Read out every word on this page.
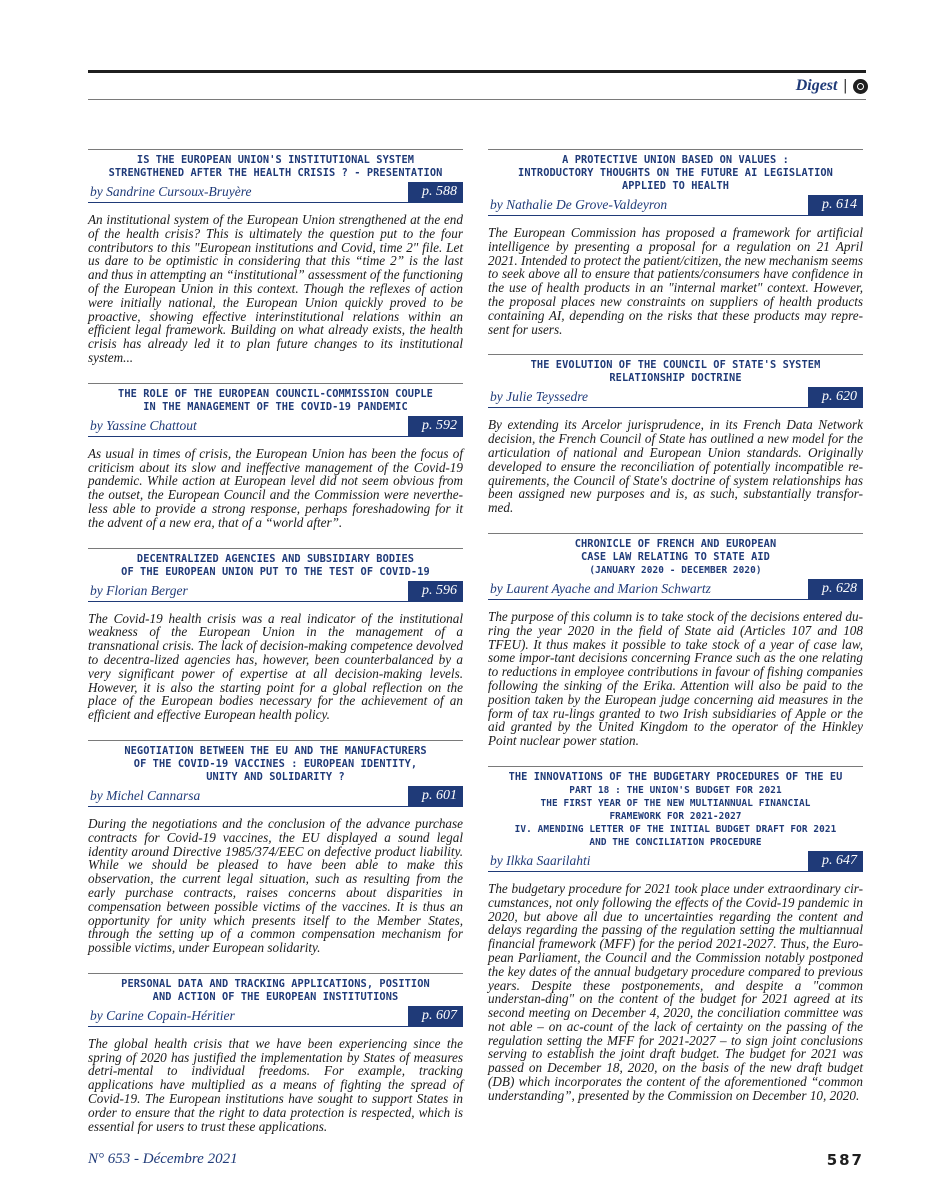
Digest |
IS THE EUROPEAN UNION'S INSTITUTIONAL SYSTEM
STRENGTHENED AFTER THE HEALTH CRISIS ? - PRESENTATION
by Sandrine Cursoux-Bruyère	p. 588

An institutional system of the European Union strengthened at the end of the health crisis? This is ultimately the question put to the four contributors to this "European institutions and Covid, time 2" file. Let us dare to be optimistic in considering that this “time 2” is the last and thus in attempting an “institutional” assessment of the functioning of the European Union in this context. Though the reflexes of action were initially national, the European Union quickly proved to be proactive, showing effective interinstitutional relations within an efficient legal framework. Building on what already exists, the health crisis has already led it to plan future changes to its institutional system...

THE ROLE OF THE EUROPEAN COUNCIL-COMMISSION COUPLE
IN THE MANAGEMENT OF THE COVID-19 PANDEMIC
by Yassine Chattout	p. 592

As usual in times of crisis, the European Union has been the focus of criticism about its slow and ineffective management of the Covid-19 pandemic. While action at European level did not seem obvious from the outset, the European Council and the Commission were neverthe-less able to provide a strong response, perhaps foreshadowing for it the advent of a new era, that of a “world after”.

DECENTRALIZED AGENCIES AND SUBSIDIARY BODIES
OF THE EUROPEAN UNION PUT TO THE TEST OF COVID-19
by Florian Berger	p. 596

The Covid-19 health crisis was a real indicator of the institutional weakness of the European Union in the management of a transnational crisis. The lack of decision-making competence devolved to decentra-lized agencies has, however, been counterbalanced by a very significant power of expertise at all decision-making levels. However, it is also the starting point for a global reflection on the place of the European bodies necessary for the achievement of an efficient and effective European health policy.

NEGOTIATION BETWEEN THE EU AND THE MANUFACTURERS
OF THE COVID-19 VACCINES : EUROPEAN IDENTITY,
UNITY AND SOLIDARITY ?
by Michel Cannarsa	p. 601

During the negotiations and the conclusion of the advance purchase contracts for Covid-19 vaccines, the EU displayed a sound legal identity around Directive 1985/374/EEC on defective product liability. While we should be pleased to have been able to make this observation, the current legal situation, such as resulting from the early purchase contracts, raises concerns about disparities in compensation between possible victims of the vaccines. It is thus an opportunity for unity which presents itself to the Member States, through the setting up of a common compensation mechanism for possible victims, under European solidarity.

PERSONAL DATA AND TRACKING APPLICATIONS, POSITION
AND ACTION OF THE EUROPEAN INSTITUTIONS
by Carine Copain-Héritier	p. 607

The global health crisis that we have been experiencing since the spring of 2020 has justified the implementation by States of measures detri-mental to individual freedoms. For example, tracking applications have multiplied as a means of fighting the spread of Covid-19. The European institutions have sought to support States in order to ensure that the right to data protection is respected, which is essential for users to trust these applications.

A PROTECTIVE UNION BASED ON VALUES :
INTRODUCTORY THOUGHTS ON THE FUTURE AI LEGISLATION
APPLIED TO HEALTH
by Nathalie De Grove-Valdeyron	p. 614

The European Commission has proposed a framework for artificial intelligence by presenting a proposal for a regulation on 21 April 2021. Intended to protect the patient/citizen, the new mechanism seems to seek above all to ensure that patients/consumers have confidence in the use of health products in an "internal market" context. However, the proposal places new constraints on suppliers of health products containing AI, depending on the risks that these products may repre-sent for users.

THE EVOLUTION OF THE COUNCIL OF STATE'S SYSTEM
RELATIONSHIP DOCTRINE
by Julie Teyssedre	p. 620

By extending its Arcelor jurisprudence, in its French Data Network decision, the French Council of State has outlined a new model for the articulation of national and European Union standards. Originally developed to ensure the reconciliation of potentially incompatible re-quirements, the Council of State's doctrine of system relationships has been assigned new purposes and is, as such, substantially transfor-med.

CHRONICLE OF FRENCH AND EUROPEAN
CASE LAW RELATING TO STATE AID
(JANUARY 2020 - DECEMBER 2020)
by Laurent Ayache and Marion Schwartz	p. 628

The purpose of this column is to take stock of the decisions entered du-ring the year 2020 in the field of State aid (Articles 107 and 108 TFEU). It thus makes it possible to take stock of a year of case law, some impor-tant decisions concerning France such as the one relating to reductions in employee contributions in favour of fishing companies following the sinking of the Erika. Attention will also be paid to the position taken by the European judge concerning aid measures in the form of tax ru-lings granted to two Irish subsidiaries of Apple or the aid granted by the United Kingdom to the operator of the Hinkley Point nuclear power station.

THE INNOVATIONS OF THE BUDGETARY PROCEDURES OF THE EU
PART 18 : THE UNION'S BUDGET FOR 2021
THE FIRST YEAR OF THE NEW MULTIANNUAL FINANCIAL
FRAMEWORK FOR 2021-2027
IV. AMENDING LETTER OF THE INITIAL BUDGET DRAFT FOR 2021
AND THE CONCILIATION PROCEDURE
by Ilkka Saarilahti	p. 647

The budgetary procedure for 2021 took place under extraordinary cir-cumstances, not only following the effects of the Covid-19 pandemic in 2020, but above all due to uncertainties regarding the content and delays regarding the passing of the regulation setting the multiannual financial framework (MFF) for the period 2021-2027. Thus, the Euro-pean Parliament, the Council and the Commission notably postponed the key dates of the annual budgetary procedure compared to previous years. Despite these postponements, and despite a "common understan-ding" on the content of the budget for 2021 agreed at its second meeting on December 4, 2020, the conciliation committee was not able – on ac-count of the lack of certainty on the passing of the regulation setting the MFF for 2021-2027 – to sign joint conclusions serving to establish the joint draft budget. The budget for 2021 was passed on December 18, 2020, on the basis of the new draft budget (DB) which incorporates the content of the aforementioned “common understanding”, presented by the Commission on December 10, 2020.

N° 653 - Décembre 2021	587
